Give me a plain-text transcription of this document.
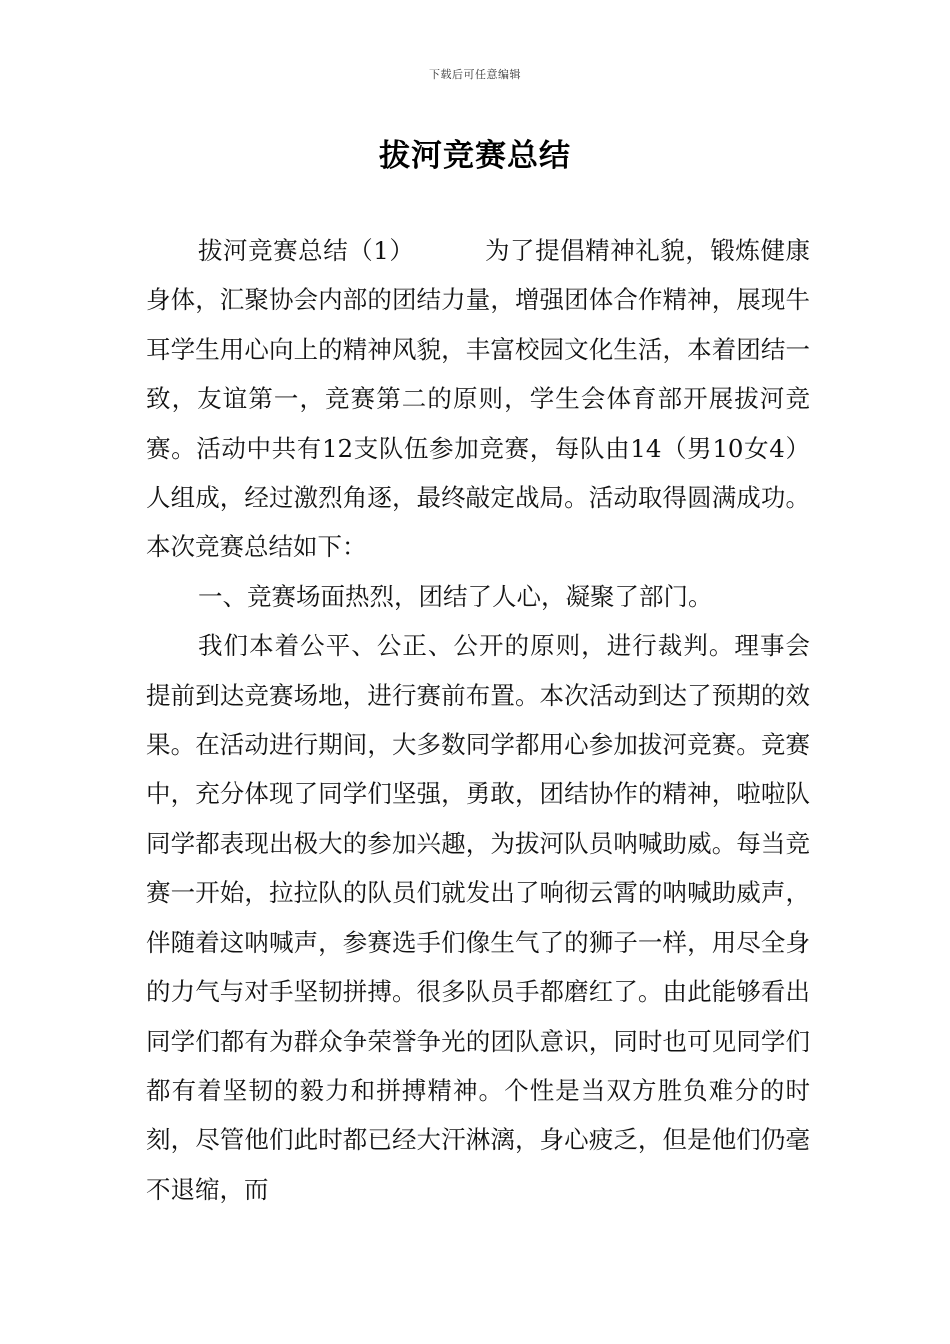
下载后可任意编辑
拔河竞赛总结

拔河竞赛总结（1）	为了提倡精神礼貌，锻炼健康身体，汇聚协会内部的团结力量，增强团体合作精神，展现牛耳学生用心向上的精神风貌，丰富校园文化生活，本着团结一致，友谊第一，竞赛第二的原则，学生会体育部开展拔河竞赛。活动中共有12支队伍参加竞赛，每队由14（男10女4）人组成，经过激烈角逐，最终敲定战局。活动取得圆满成功。本次竞赛总结如下：

一、竞赛场面热烈，团结了人心，凝聚了部门。

我们本着公平、公正、公开的原则，进行裁判。理事会提前到达竞赛场地，进行赛前布置。本次活动到达了预期的效果。在活动进行期间，大多数同学都用心参加拔河竞赛。竞赛中，充分体现了同学们坚强，勇敢，团结协作的精神，啦啦队同学都表现出极大的参加兴趣，为拔河队员呐喊助威。每当竞赛一开始，拉拉队的队员们就发出了响彻云霄的呐喊助威声，伴随着这呐喊声，参赛选手们像生气了的狮子一样，用尽全身的力气与对手坚韧拼搏。很多队员手都磨红了。由此能够看出同学们都有为群众争荣誉争光的团队意识，同时也可见同学们都有着坚韧的毅力和拼搏精神。个性是当双方胜负难分的时刻，尽管他们此时都已经大汗淋漓，身心疲乏，但是他们仍毫不退缩，而
